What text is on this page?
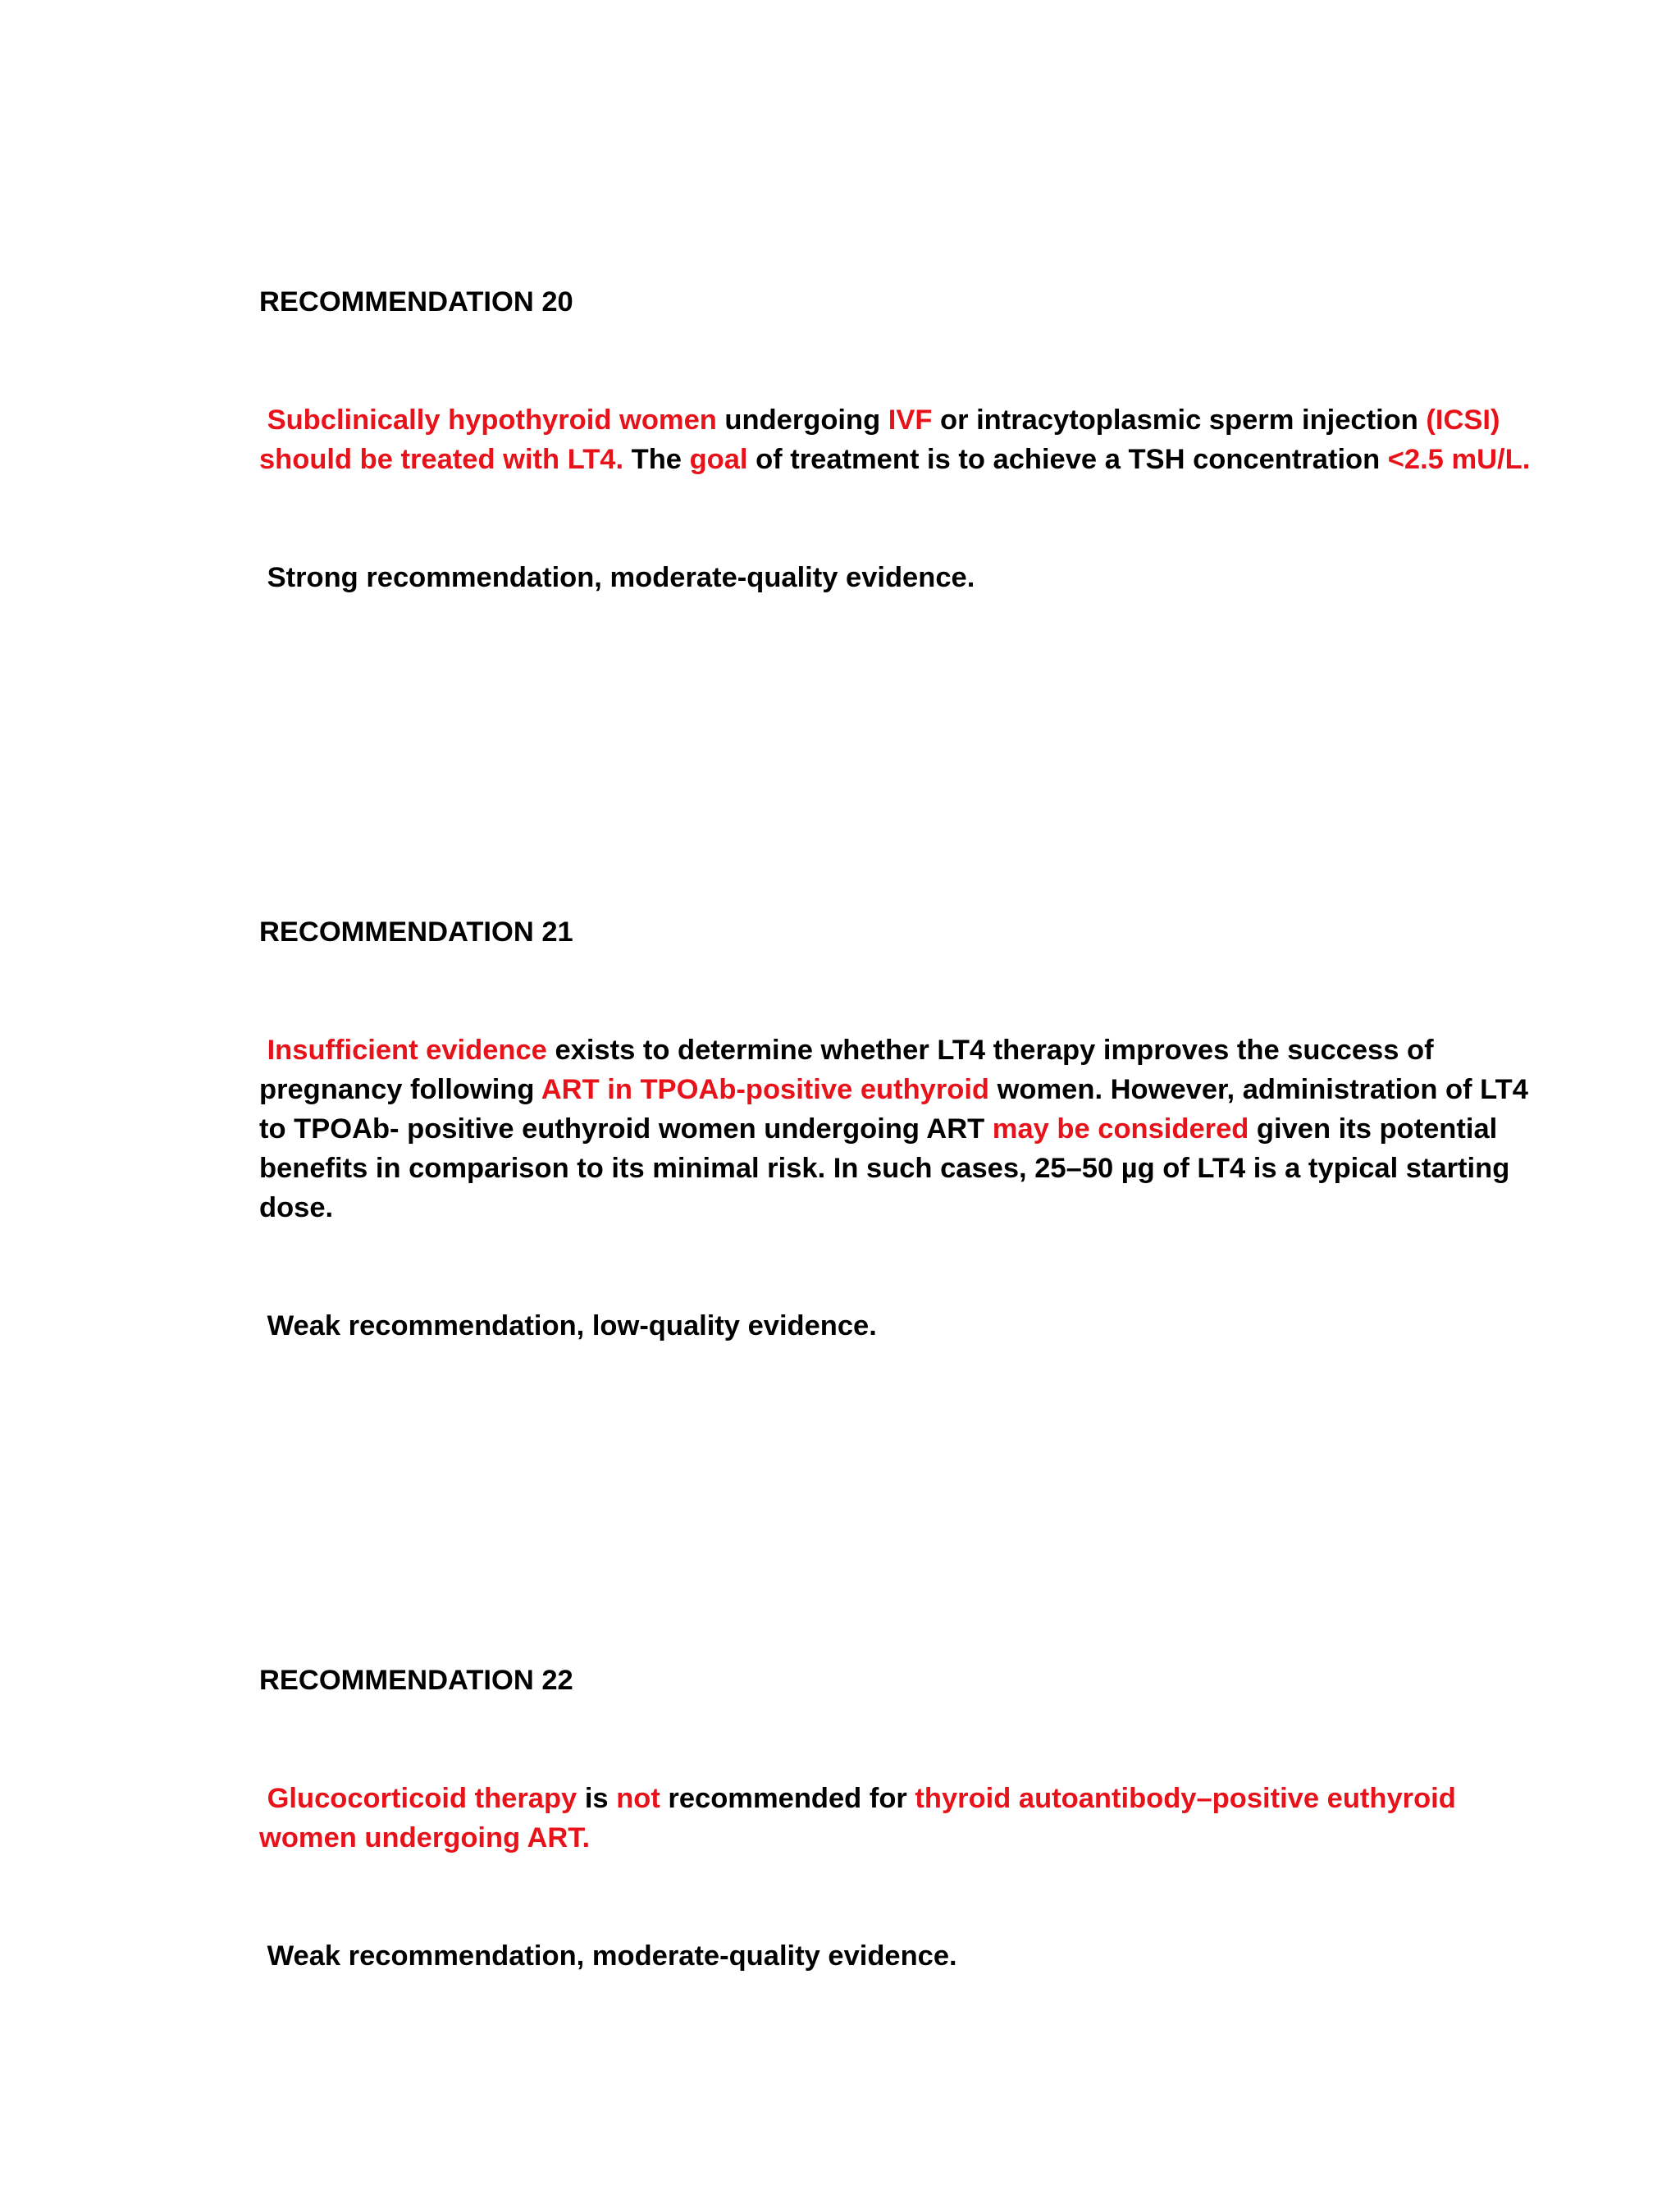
RECOMMENDATION 20

Subclinically hypothyroid women undergoing IVF or intracytoplasmic sperm injection (ICSI) should be treated with LT4. The goal of treatment is to achieve a TSH concentration <2.5 mU/L.

Strong recommendation, moderate-quality evidence.

RECOMMENDATION 21

Insufficient evidence exists to determine whether LT4 therapy improves the success of pregnancy following ART in TPOAb-positive euthyroid women. However, administration of LT4 to TPOAb- positive euthyroid women undergoing ART may be considered given its potential benefits in comparison to its minimal risk. In such cases, 25–50 µg of LT4 is a typical starting dose.

Weak recommendation, low-quality evidence.

RECOMMENDATION 22

Glucocorticoid therapy is not recommended for thyroid autoantibody–positive euthyroid women undergoing ART.

Weak recommendation, moderate-quality evidence.
